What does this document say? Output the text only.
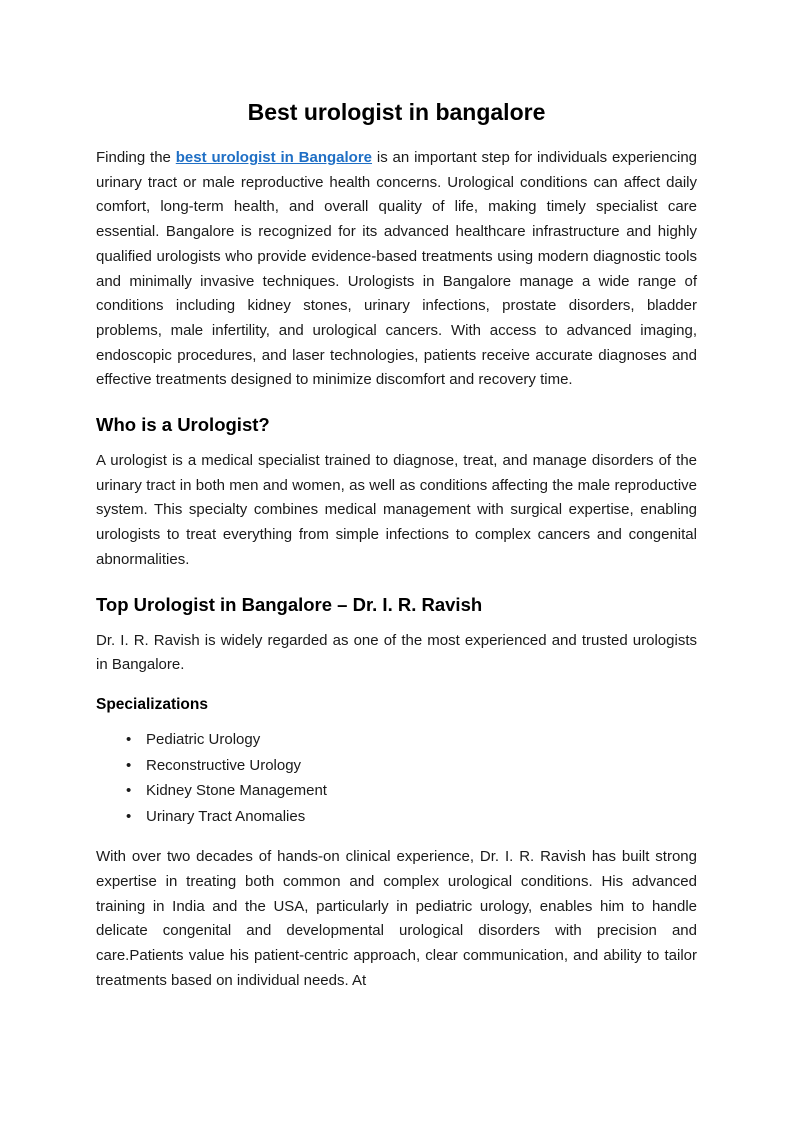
Best urologist in bangalore

Finding the best urologist in Bangalore is an important step for individuals experiencing urinary tract or male reproductive health concerns. Urological conditions can affect daily comfort, long-term health, and overall quality of life, making timely specialist care essential. Bangalore is recognized for its advanced healthcare infrastructure and highly qualified urologists who provide evidence-based treatments using modern diagnostic tools and minimally invasive techniques. Urologists in Bangalore manage a wide range of conditions including kidney stones, urinary infections, prostate disorders, bladder problems, male infertility, and urological cancers. With access to advanced imaging, endoscopic procedures, and laser technologies, patients receive accurate diagnoses and effective treatments designed to minimize discomfort and recovery time.

Who is a Urologist?

A urologist is a medical specialist trained to diagnose, treat, and manage disorders of the urinary tract in both men and women, as well as conditions affecting the male reproductive system. This specialty combines medical management with surgical expertise, enabling urologists to treat everything from simple infections to complex cancers and congenital abnormalities.

Top Urologist in Bangalore – Dr. I. R. Ravish

Dr. I. R. Ravish is widely regarded as one of the most experienced and trusted urologists in Bangalore.

Specializations
• Pediatric Urology
• Reconstructive Urology
• Kidney Stone Management
• Urinary Tract Anomalies

With over two decades of hands-on clinical experience, Dr. I. R. Ravish has built strong expertise in treating both common and complex urological conditions. His advanced training in India and the USA, particularly in pediatric urology, enables him to handle delicate congenital and developmental urological disorders with precision and care.Patients value his patient-centric approach, clear communication, and ability to tailor treatments based on individual needs. At
